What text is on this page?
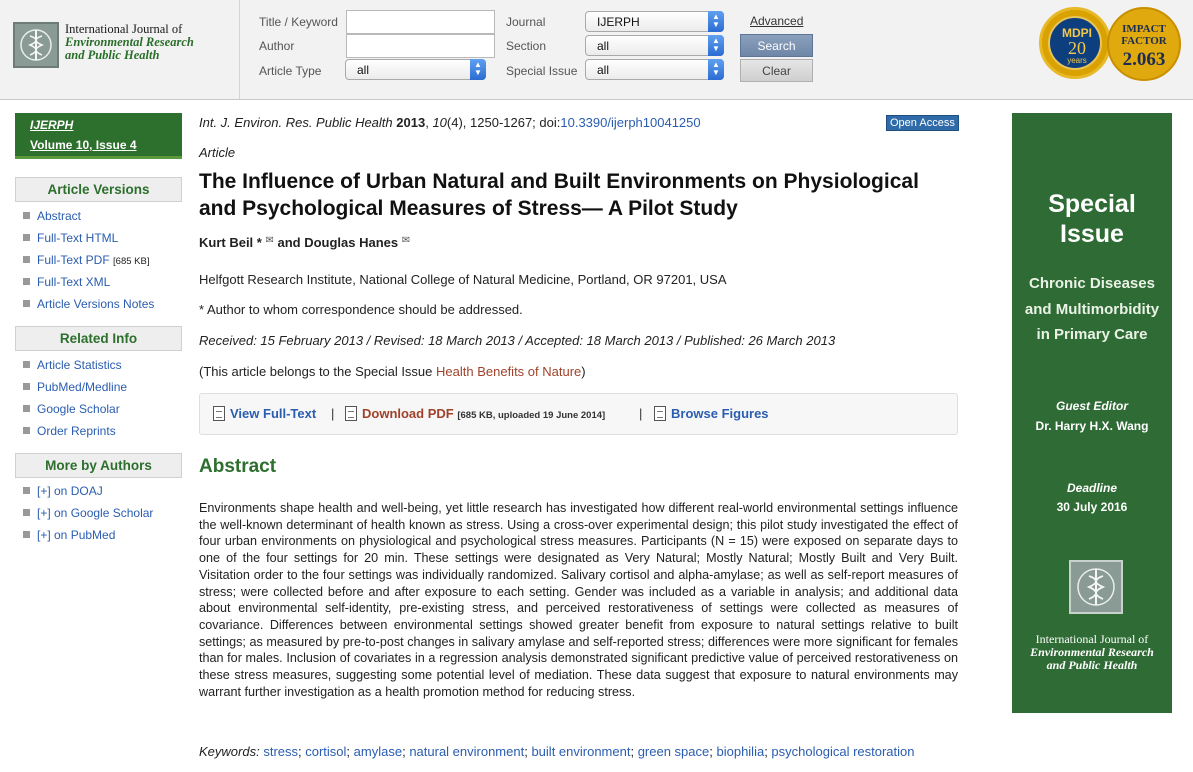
International Journal of
Environmental Research
and Public Health
Title / Keyword
Author
Article Type	all	▲
▼
Journal	IJERPH	▲
▼
Section	all	▲
▼
Special Issue	all	▲
▼
Advanced
Search
Clear
MDPI
20
years
IMPACT
FACTOR
2.063
IJERPH
Volume 10, Issue 4
Article Versions
Abstract
Full-Text HTML
Full-Text PDF [685 KB]
Full-Text XML
Article Versions Notes
Related Info
Article Statistics
PubMed/Medline
Google Scholar
Order Reprints
More by Authors
[+] on DOAJ
[+] on Google Scholar
[+] on PubMed
Int. J. Environ. Res. Public Health 2013, 10(4), 1250-1267; doi:10.3390/ijerph10041250	Open Access
Article
The Influence of Urban Natural and Built Environments on Physiological and Psychological Measures of Stress— A Pilot Study
Kurt Beil * ✉ and Douglas Hanes ✉
Helfgott Research Institute, National College of Natural Medicine, Portland, OR 97201, USA
* Author to whom correspondence should be addressed.
Received: 15 February 2013 / Revised: 18 March 2013 / Accepted: 18 March 2013 / Published: 26 March 2013
(This article belongs to the Special Issue Health Benefits of Nature)
View Full-Text |	Download PDF [685 KB, uploaded 19 June 2014]	|	Browse Figures
Abstract

Environments shape health and well-being, yet little research has investigated how different real-world environmental settings influence the well-known determinant of health known as stress. Using a cross-over experimental design; this pilot study investigated the effect of four urban environments on physiological and psychological stress measures. Participants (N = 15) were exposed on separate days to one of the four settings for 20 min. These settings were designated as Very Natural; Mostly Natural; Mostly Built and Very Built. Visitation order to the four settings was individually randomized. Salivary cortisol and alpha-amylase; as well as self-report measures of stress; were collected before and after exposure to each setting. Gender was included as a variable in analysis; and additional data about environmental self-identity, pre-existing stress, and perceived restorativeness of settings were collected as measures of covariance. Differences between environmental settings showed greater benefit from exposure to natural settings relative to built settings; as measured by pre-to-post changes in salivary amylase and self-reported stress; differences were more significant for females than for males. Inclusion of covariates in a regression analysis demonstrated significant predictive value of perceived restorativeness on these stress measures, suggesting some potential level of mediation. These data suggest that exposure to natural environments may warrant further investigation as a health promotion method for reducing stress.

Keywords: stress; cortisol; amylase; natural environment; built environment; green space; biophilia; psychological restoration
Special
Issue
Chronic Diseases
and Multimorbidity
in Primary Care
Guest Editor
Dr. Harry H.X. Wang
Deadline
30 July 2016
International Journal of
Environmental Research
and Public Health
